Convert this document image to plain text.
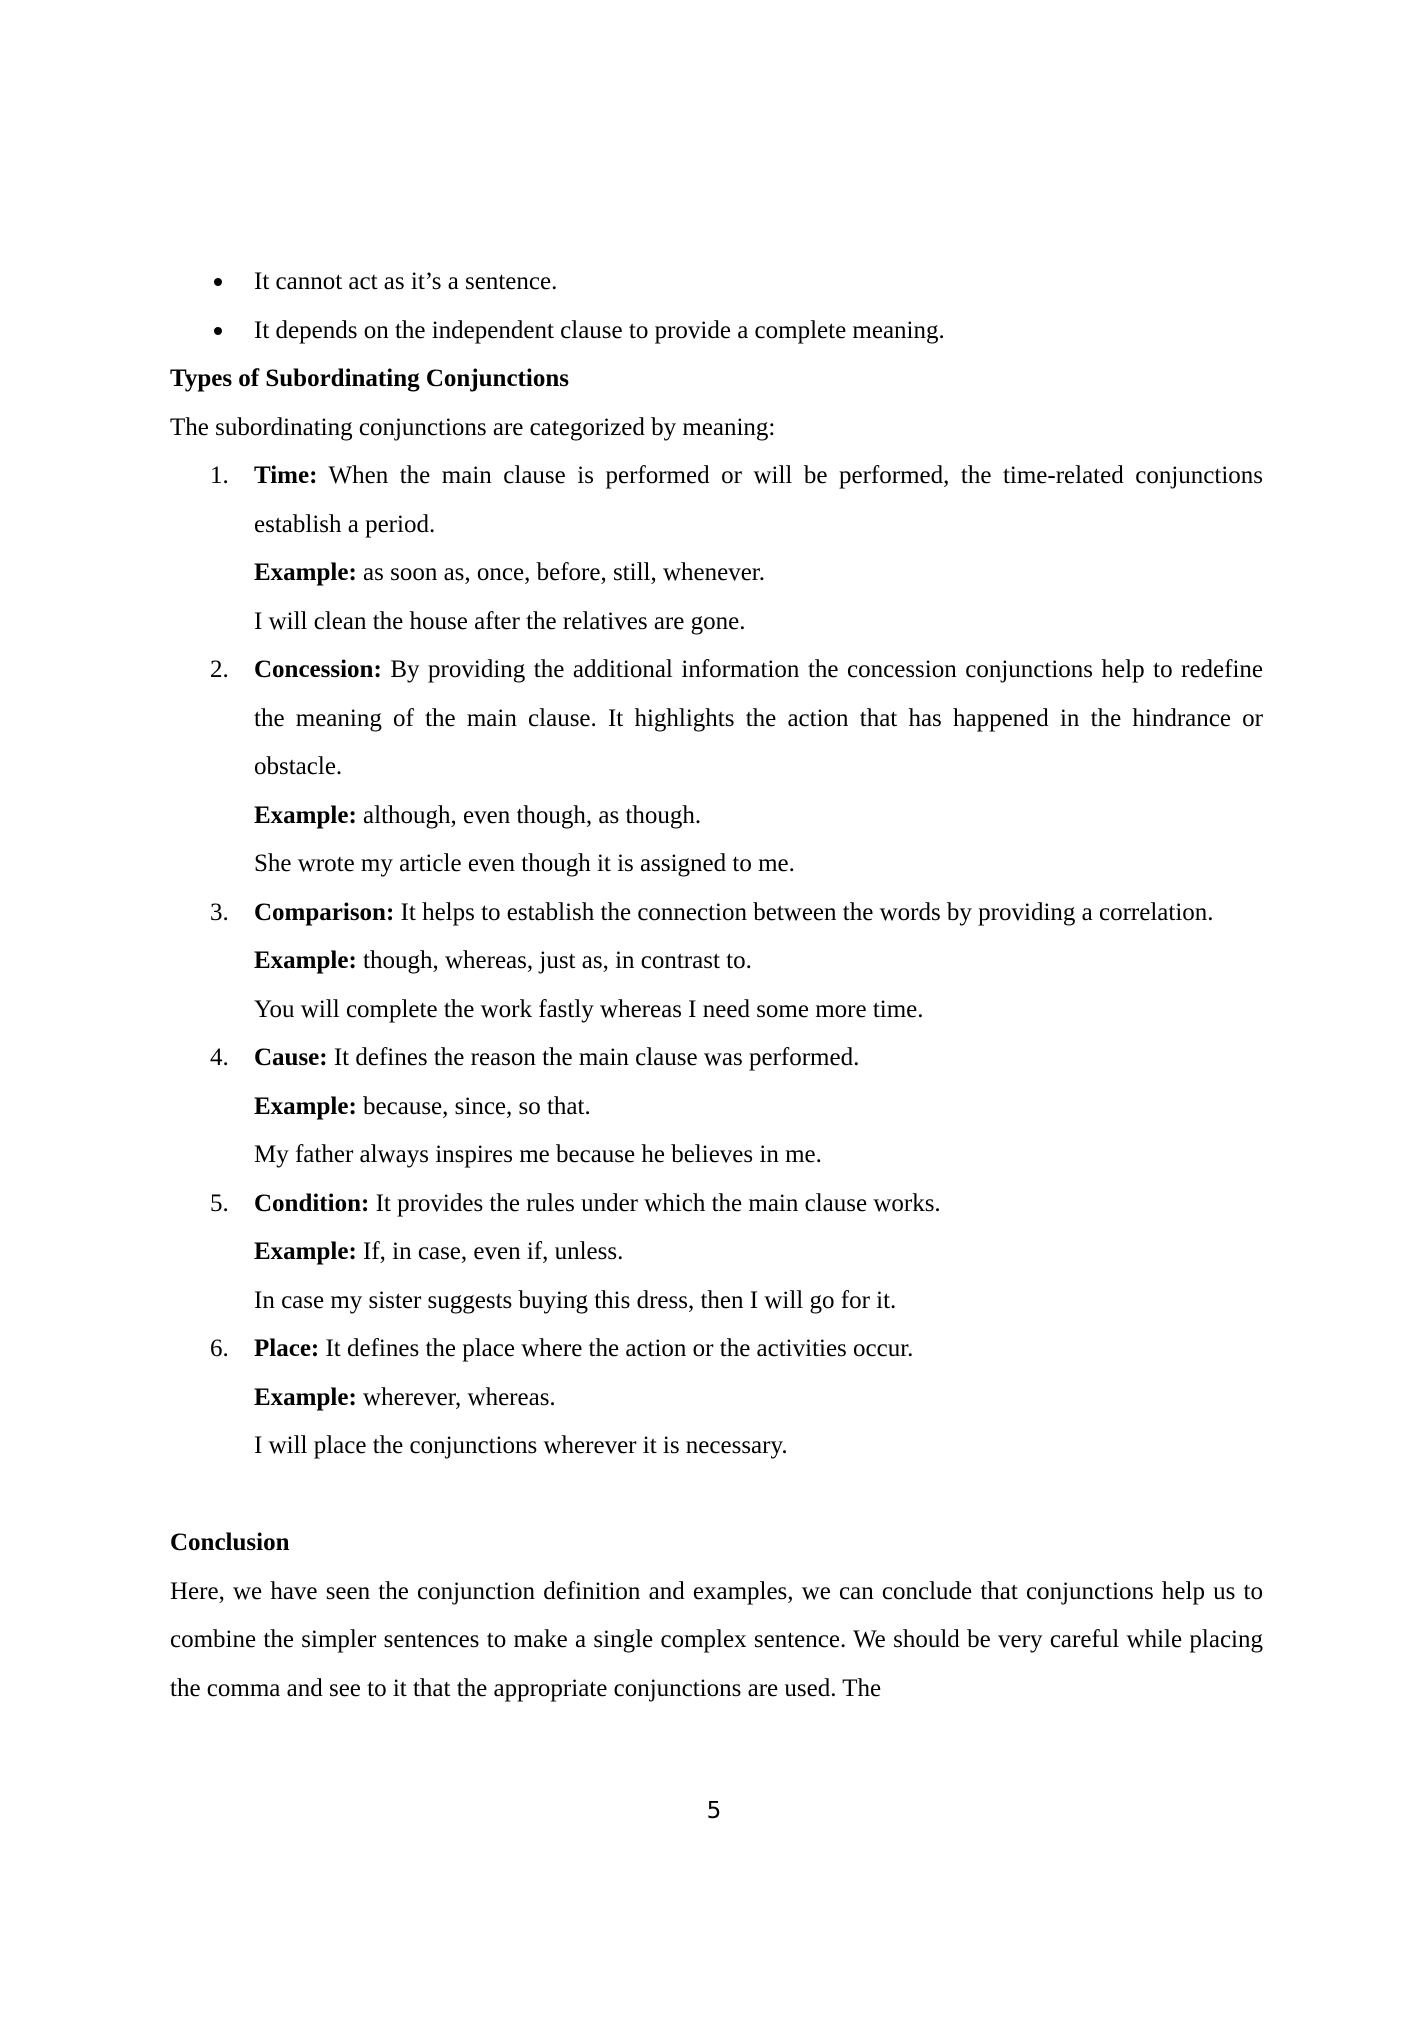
It cannot act as it’s a sentence.
It depends on the independent clause to provide a complete meaning.

Types of Subordinating Conjunctions

The subordinating conjunctions are categorized by meaning:

1. Time: When the main clause is performed or will be performed, the time-related conjunctions establish a period.
Example: as soon as, once, before, still, whenever.
I will clean the house after the relatives are gone.
2. Concession: By providing the additional information the concession conjunctions help to redefine the meaning of the main clause. It highlights the action that has happened in the hindrance or obstacle.
Example: although, even though, as though.
She wrote my article even though it is assigned to me.
3. Comparison: It helps to establish the connection between the words by providing a correlation.
Example: though, whereas, just as, in contrast to.
You will complete the work fastly whereas I need some more time.
4. Cause: It defines the reason the main clause was performed.
Example: because, since, so that.
My father always inspires me because he believes in me.
5. Condition: It provides the rules under which the main clause works.
Example: If, in case, even if, unless.
In case my sister suggests buying this dress, then I will go for it.
6. Place: It defines the place where the action or the activities occur.
Example: wherever, whereas.
I will place the conjunctions wherever it is necessary.

Conclusion

Here, we have seen the conjunction definition and examples, we can conclude that conjunctions help us to combine the simpler sentences to make a single complex sentence. We should be very careful while placing the comma and see to it that the appropriate conjunctions are used. The

5
